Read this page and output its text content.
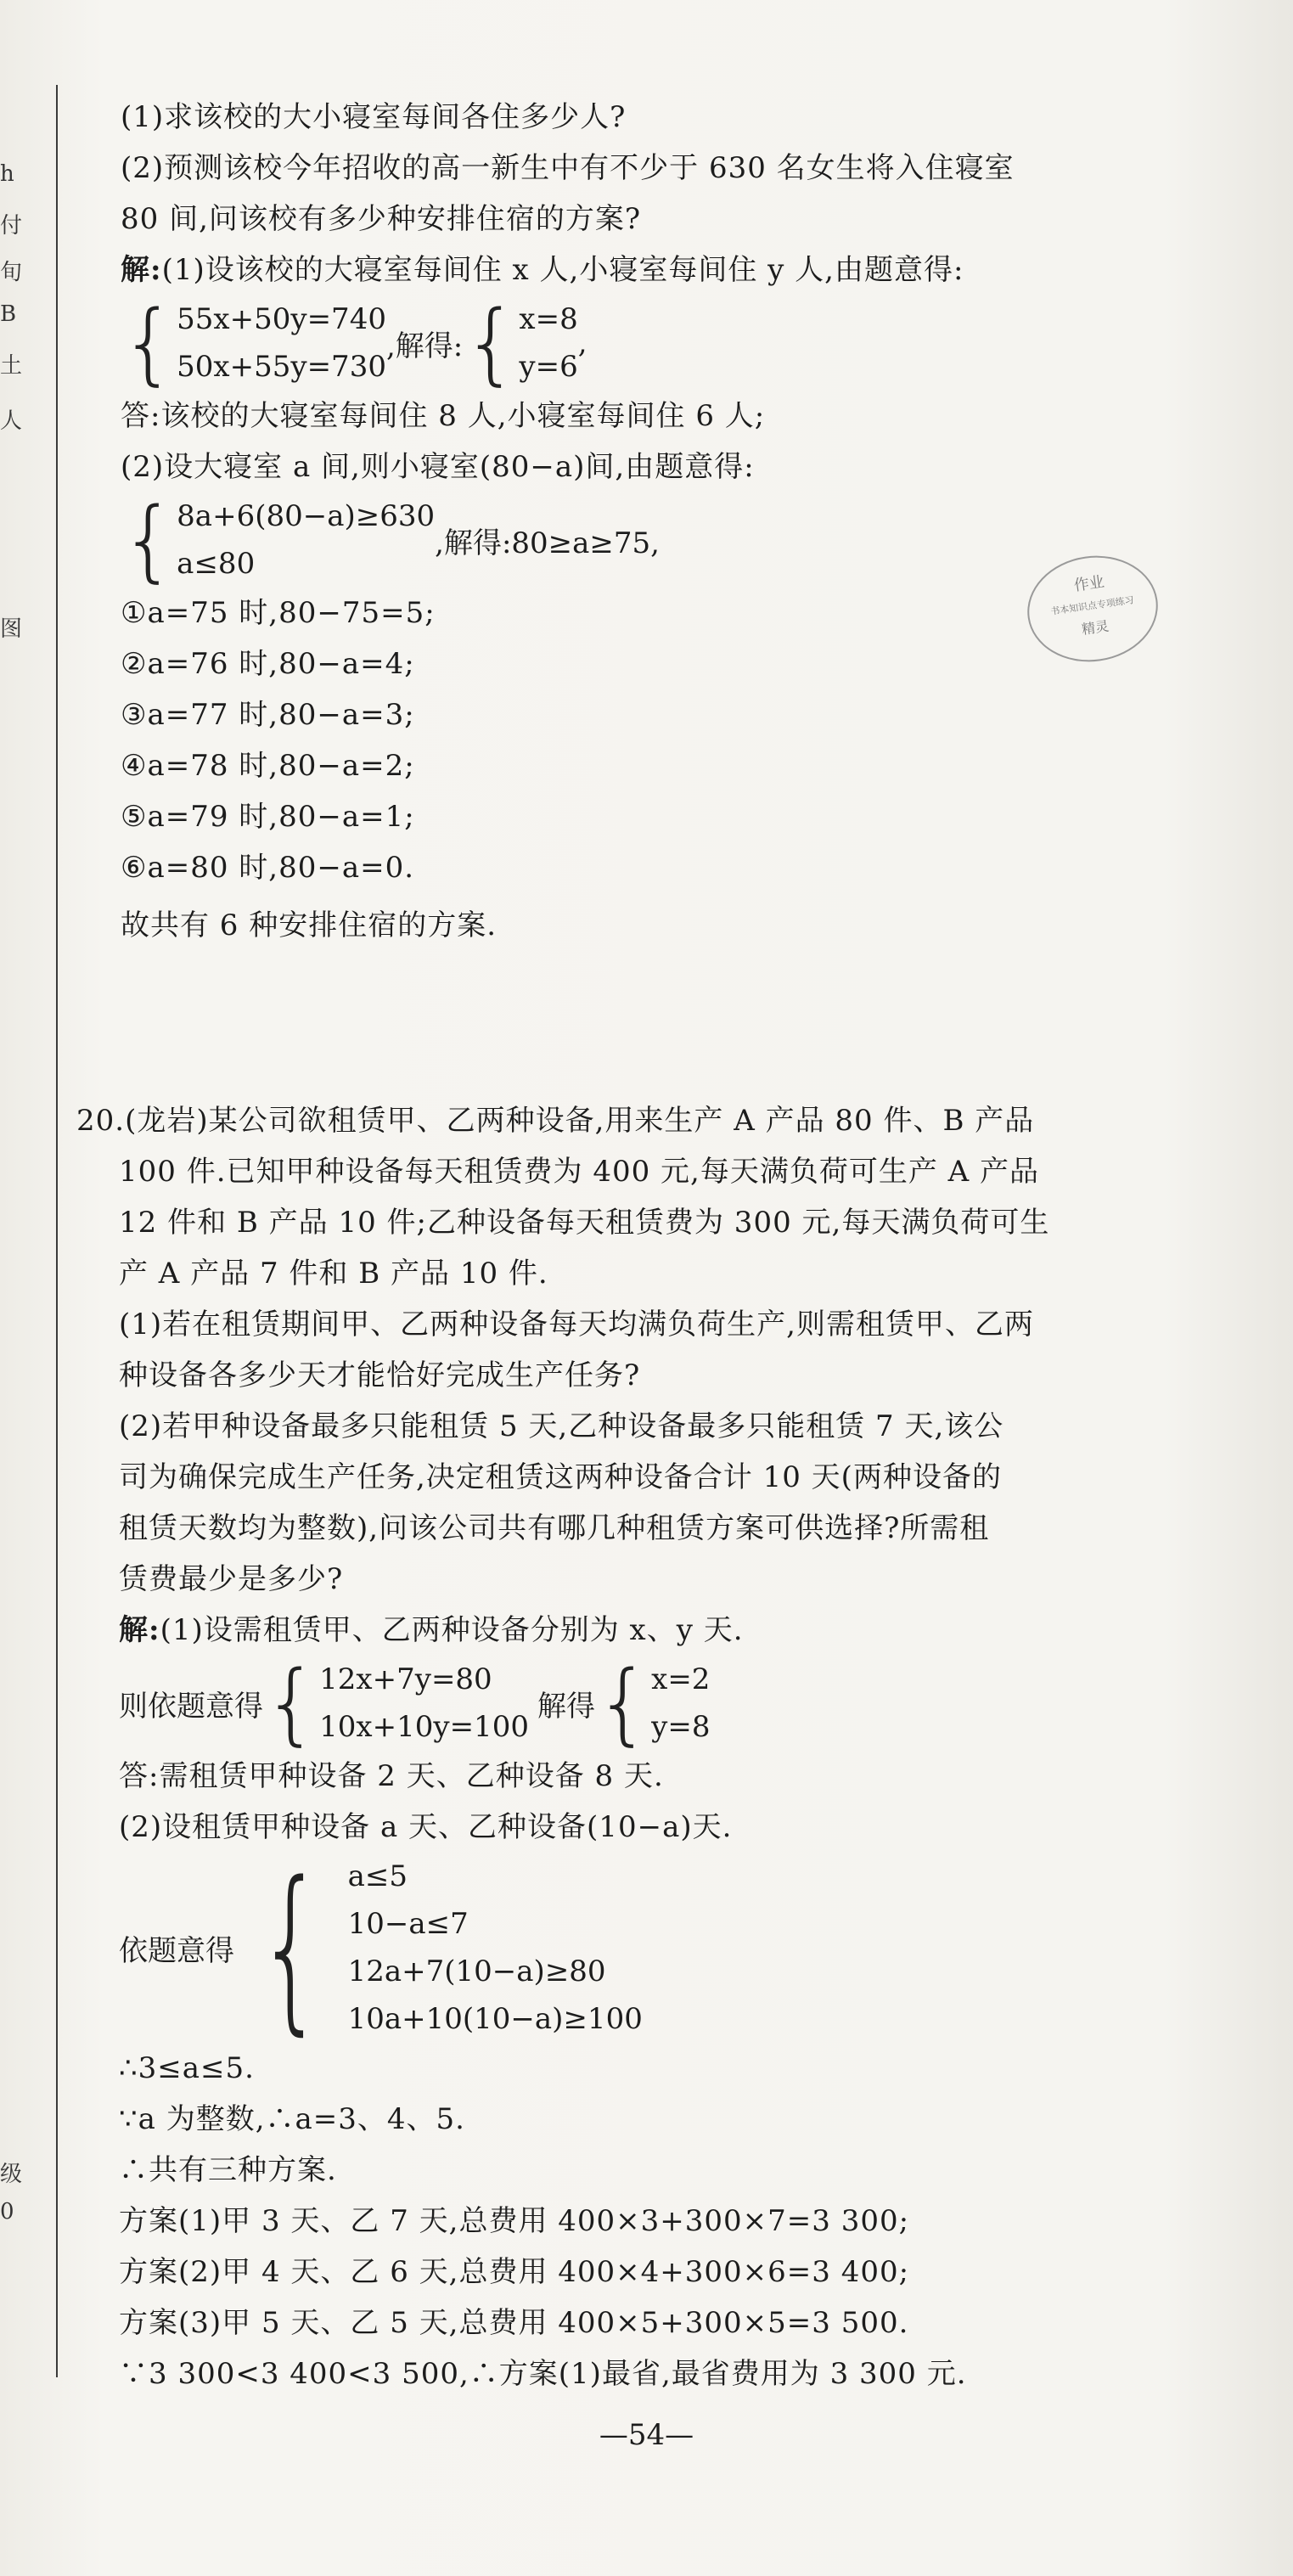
h
付
旬
B
土
人
图
级
0
(1)求该校的大小寝室每间各住多少人?
(2)预测该校今年招收的高一新生中有不少于 630 名女生将入住寝室
80 间,问该校有多少种安排住宿的方案?
解:(1)设该校的大寝室每间住 x 人,小寝室每间住 y 人,由题意得:
{ 55x+50y=740
50x+55y=730
,解得: { x=8
y=6
,
答:该校的大寝室每间住 8 人,小寝室每间住 6 人;
(2)设大寝室 a 间,则小寝室(80−a)间,由题意得:
{ 8a+6(80−a)≥630
a≤80
,解得:80≥a≥75,
①a=75 时,80−75=5;
②a=76 时,80−a=4;
③a=77 时,80−a=3;
④a=78 时,80−a=2;
⑤a=79 时,80−a=1;
⑥a=80 时,80−a=0.
故共有 6 种安排住宿的方案.
作业
书本知识点专项练习
精灵
20.(龙岩)某公司欲租赁甲、乙两种设备,用来生产 A 产品 80 件、B 产品
100 件.已知甲种设备每天租赁费为 400 元,每天满负荷可生产 A 产品
12 件和 B 产品 10 件;乙种设备每天租赁费为 300 元,每天满负荷可生
产 A 产品 7 件和 B 产品 10 件.
(1)若在租赁期间甲、乙两种设备每天均满负荷生产,则需租赁甲、乙两
种设备各多少天才能恰好完成生产任务?
(2)若甲种设备最多只能租赁 5 天,乙种设备最多只能租赁 7 天,该公
司为确保完成生产任务,决定租赁这两种设备合计 10 天(两种设备的
租赁天数均为整数),问该公司共有哪几种租赁方案可供选择?所需租
赁费最少是多少?
解:(1)设需租赁甲、乙两种设备分别为 x、y 天.
则依题意得 { 12x+7y=80
10x+10y=100
解得 { x=2
y=8
答:需租赁甲种设备 2 天、乙种设备 8 天.
(2)设租赁甲种设备 a 天、乙种设备(10−a)天.
依题意得 { a≤5
10−a≤7
12a+7(10−a)≥80
10a+10(10−a)≥100
∴3≤a≤5.
∵a 为整数,∴a=3、4、5.
∴共有三种方案.
方案(1)甲 3 天、乙 7 天,总费用 400×3+300×7=3 300;
方案(2)甲 4 天、乙 6 天,总费用 400×4+300×6=3 400;
方案(3)甲 5 天、乙 5 天,总费用 400×5+300×5=3 500.
∵3 300<3 400<3 500,∴方案(1)最省,最省费用为 3 300 元.
—54—
